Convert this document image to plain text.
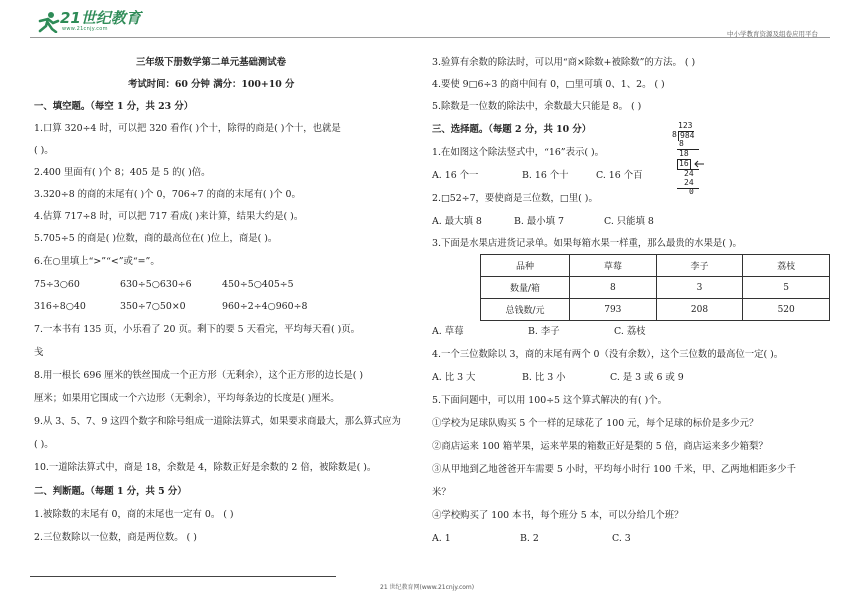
21世纪教育
www.21cnjy.com
中小学教育资源及组卷应用平台
三年级下册数学第二单元基础测试卷
考试时间：60 分钟 满分：100+10 分
一、填空题。（每空 1 分，共 23 分）
1.口算 320÷4 时，可以把 320 看作( )个十，除得的商是( )个十，也就是
( )。
2.400 里面有( )个 8；405 是 5 的( )倍。
3.320÷8 的商的末尾有( )个 0，706÷7 的商的末尾有( )个 0。
4.估算 717÷8 时，可以把 717 看成( )来计算，结果大约是( )。
5.705÷5 的商是( )位数，商的最高位在( )位上，商是( )。
6.在○里填上“>”“<”或“=”。
75÷3○60	630÷5○630÷6	450÷5○405÷5
316÷8○40	350÷7○50×0	960÷2÷4○960÷8
7.一本书有 135 页，小乐看了 20 页。剩下的要 5 天看完，平均每天看( )页。
戋
8.用一根长 696 厘米的铁丝围成一个正方形（无剩余），这个正方形的边长是( )
厘米；如果用它围成一个六边形（无剩余），平均每条边的长度是( )厘米。
9.从 3、5、7、9 这四个数字和除号组成一道除法算式，如果要求商最大，那么算式应为
( )。
10.一道除法算式中，商是 18，余数是 4，除数正好是余数的 2 倍，被除数是( )。
二、判断题。（每题 1 分，共 5 分）
1.被除数的末尾有 0，商的末尾也一定有 0。 ( )
2.三位数除以一位数，商是两位数。 ( )
3.验算有余数的除法时，可以用“商×除数+被除数”的方法。 ( )
4.要使 9□6÷3 的商中间有 0，□里可填 0、1、2。 ( )
5.除数是一位数的除法中，余数最大只能是 8。 ( )
三、选择题。（每题 2 分，共 10 分）
1.在如图这个除法竖式中，“16”表示( )。
A. 16 个一	B. 16 个十	C. 16 个百
123
8 984
8
18
16
24
24
0
2.□52÷7，要使商是三位数，□里( )。
A. 最大填 8	B. 最小填 7	C. 只能填 8
3.下面是水果店进货记录单。如果每箱水果一样重，那么最贵的水果是( )。
品种	草莓	李子	荔枝
数量/箱	8	3	5
总钱数/元	793	208	520
A. 草莓	B. 李子	C. 荔枝
4.一个三位数除以 3，商的末尾有两个 0（没有余数），这个三位数的最高位一定( )。
A. 比 3 大	B. 比 3 小	C. 是 3 或 6 或 9
5.下面问题中，可以用 100÷5 这个算式解决的有( )个。
①学校为足球队购买 5 个一样的足球花了 100 元，每个足球的标价是多少元？
②商店运来 100 箱苹果，运来苹果的箱数正好是梨的 5 倍，商店运来多少箱梨？
③从甲地到乙地爸爸开车需要 5 小时，平均每小时行 100 千米，甲、乙两地相距多少千
米？
④学校购买了 100 本书，每个班分 5 本，可以分给几个班？
A. 1	B. 2	C. 3
21 世纪教育网(www.21cnjy.com)
